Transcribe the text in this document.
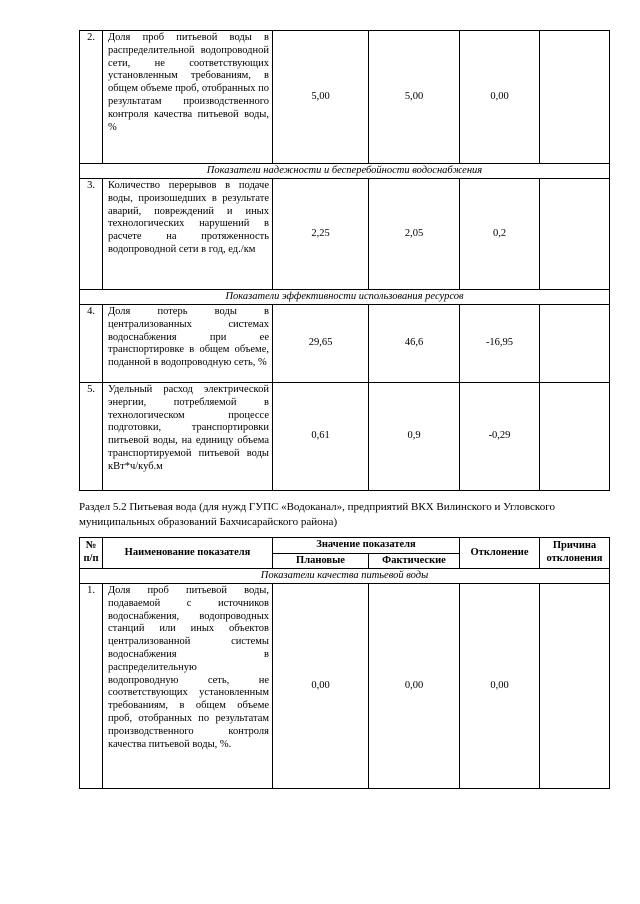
2.	Доля проб питьевой воды в распределительной водопроводной сети, не соответствующих установленным требованиям, в общем объеме проб, отобранных по результатам производственного контроля качества питьевой воды, %	5,00	5,00	0,00	
Показатели надежности и бесперебойности водоснабжения					
3.	Количество перерывов в подаче воды, произошедших в результате аварий, повреждений и иных технологических нарушений в расчете на протяженность водопроводной сети в год, ед./км	2,25	2,05	0,2	
Показатели эффективности использования ресурсов					
4.	Доля потерь воды в централизованных системах водоснабжения при ее транспортировке в общем объеме, поданной в водопроводную сеть, %	29,65	46,6	-16,95	
5.	Удельный расход электрической энергии, потребляемой в технологическом процессе подготовки, транспортировки питьевой воды, на единицу объема транспортируемой питьевой воды кВт*ч/куб.м	0,61	0,9	-0,29	
Раздел 5.2 Питьевая вода (для нужд ГУПС «Водоканал», предприятий ВКХ Вилинского и Угловского муниципальных образований Бахчисарайского района)
№ п/п	Наименование показателя	Значение показателя		Отклонение	Причина отклонения
		Плановые	Фактические		
Показатели качества питьевой воды					
1.	Доля проб питьевой воды, подаваемой с источников водоснабжения, водопроводных станций или иных объектов централизованной системы водоснабжения в распределительную водопроводную сеть, не соответствующих установленным требованиям, в общем объеме проб, отобранных по результатам производственного контроля качества питьевой воды, %.	0,00	0,00	0,00	
